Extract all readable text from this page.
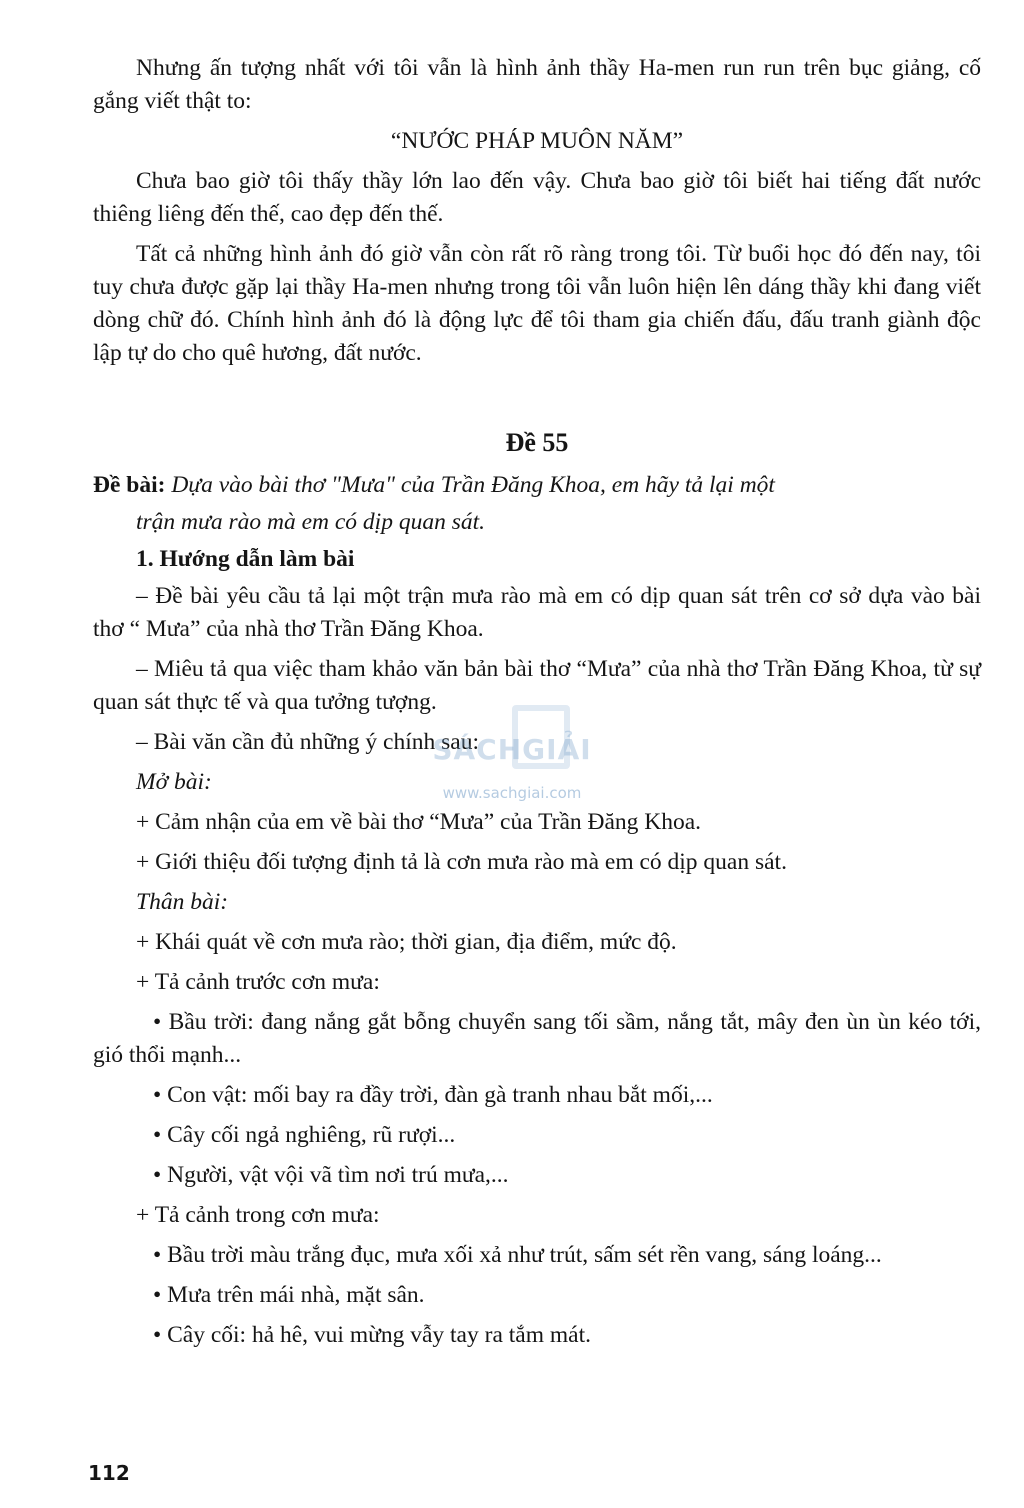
Nhưng ấn tượng nhất với tôi vẫn là hình ảnh thầy Ha-men run run trên bục giảng, cố gắng viết thật to:

“NƯỚC PHÁP MUÔN NĂM”

Chưa bao giờ tôi thấy thầy lớn lao đến vậy. Chưa bao giờ tôi biết hai tiếng đất nước thiêng liêng đến thế, cao đẹp đến thế.

Tất cả những hình ảnh đó giờ vẫn còn rất rõ ràng trong tôi. Từ buổi học đó đến nay, tôi tuy chưa được gặp lại thầy Ha-men nhưng trong tôi vẫn luôn hiện lên dáng thầy khi đang viết dòng chữ đó. Chính hình ảnh đó là động lực để tôi tham gia chiến đấu, đấu tranh giành độc lập tự do cho quê hương, đất nước.

Đề 55
Đề bài: Dựa vào bài thơ "Mưa" của Trần Đăng Khoa, em hãy tả lại một
trận mưa rào mà em có dịp quan sát.
1. Hướng dẫn làm bài

– Đề bài yêu cầu tả lại một trận mưa rào mà em có dịp quan sát trên cơ sở dựa vào bài thơ “ Mưa” của nhà thơ Trần Đăng Khoa.

– Miêu tả qua việc tham khảo văn bản bài thơ “Mưa” của nhà thơ Trần Đăng Khoa, từ sự quan sát thực tế và qua tưởng tượng.

– Bài văn cần đủ những ý chính sau:

Mở bài:

+ Cảm nhận của em về bài thơ “Mưa” của Trần Đăng Khoa.

+ Giới thiệu đối tượng định tả là cơn mưa rào mà em có dịp quan sát.

Thân bài:

+ Khái quát về cơn mưa rào; thời gian, địa điểm, mức độ.

+ Tả cảnh trước cơn mưa:

• Bầu trời: đang nắng gắt bỗng chuyển sang tối sầm, nắng tắt, mây đen ùn ùn kéo tới, gió thổi mạnh...

• Con vật: mối bay ra đầy trời, đàn gà tranh nhau bắt mối,...

• Cây cối ngả nghiêng, rũ rượi...

• Người, vật vội vã tìm nơi trú mưa,...

+ Tả cảnh trong cơn mưa:

• Bầu trời màu trắng đục, mưa xối xả như trút, sấm sét rền vang, sáng loáng...

• Mưa trên mái nhà, mặt sân.

• Cây cối: hả hê, vui mừng vẫy tay ra tắm mát.

SÁCHGIẢI
www.sachgiai.com
112
